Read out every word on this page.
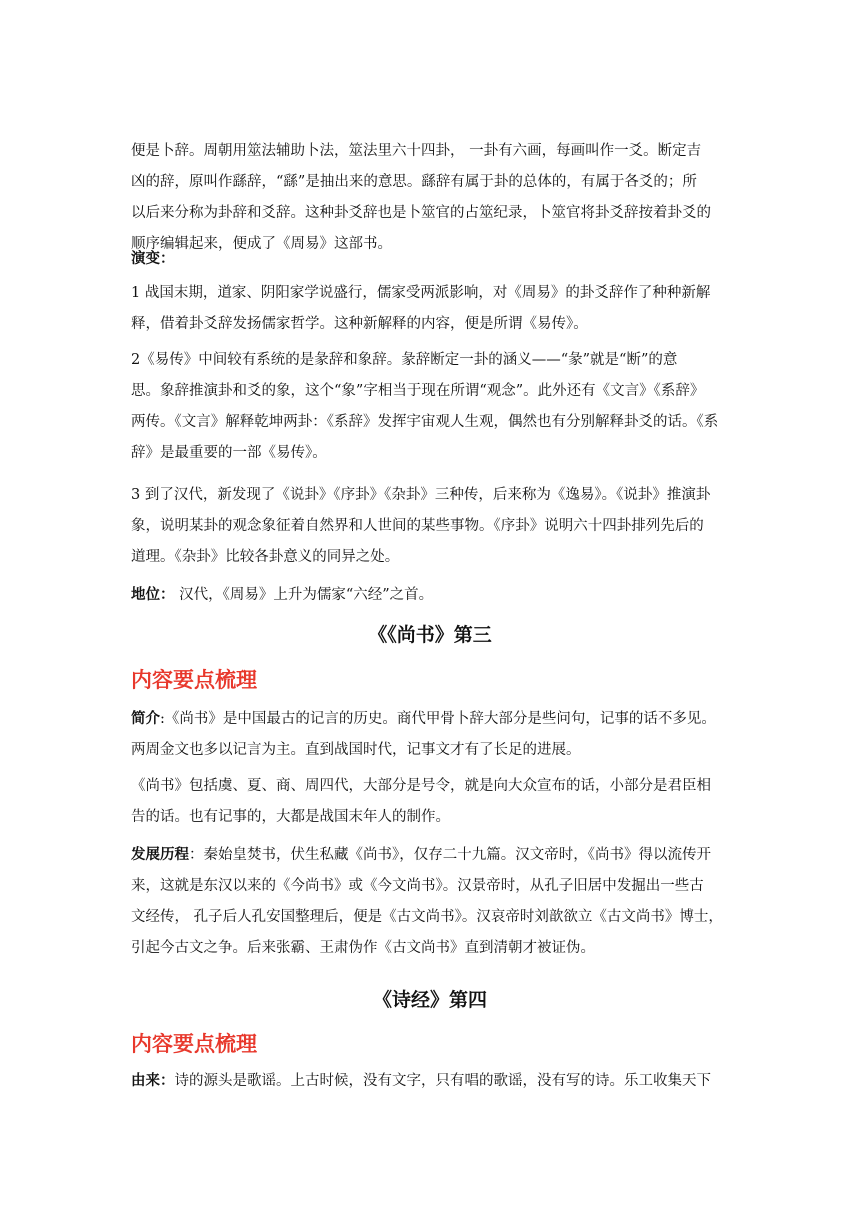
便是卜辞。周朝用筮法辅助卜法，筮法里六十四卦， 一卦有六画，每画叫作一爻。断定吉
凶的辞，原叫作繇辞，“繇”是抽出来的意思。繇辞有属于卦的总体的，有属于各爻的；所
以后来分称为卦辞和爻辞。这种卦爻辞也是卜筮官的占筮纪录，卜筮官将卦爻辞按着卦爻的
顺序编辑起来，便成了《周易》这部书。

演变：

1 战国末期，道家、阴阳家学说盛行，儒家受两派影响，对《周易》的卦爻辞作了种种新解
释，借着卦爻辞发扬儒家哲学。这种新解释的内容，便是所谓《易传》。

2《易传》中间较有系统的是彖辞和象辞。彖辞断定一卦的涵义——“彖”就是“断”的意
思。象辞推演卦和爻的象，这个“象”字相当于现在所谓“观念”。此外还有《文言》《系辞》
两传。《文言》解释乾坤两卦：《系辞》发挥宇宙观人生观，偶然也有分别解释卦爻的话。《系
辞》是最重要的一部《易传》。

3 到了汉代，新发现了《说卦》《序卦》《杂卦》三种传，后来称为《逸易》。《说卦》推演卦
象，说明某卦的观念象征着自然界和人世间的某些事物。《序卦》说明六十四卦排列先后的
道理。《杂卦》比较各卦意义的同异之处。

地位： 汉代，《周易》上升为儒家“六经”之首。

《《尚书》第三

内容要点梳理

简介:《尚书》是中国最古的记言的历史。商代甲骨卜辞大部分是些问句，记事的话不多见。
两周金文也多以记言为主。直到战国时代，记事文才有了长足的进展。

《尚书》包括虞、夏、商、周四代，大部分是号令，就是向大众宣布的话，小部分是君臣相
告的话。也有记事的，大都是战国末年人的制作。

发展历程：秦始皇焚书，伏生私藏《尚书》，仅存二十九篇。汉文帝时，《尚书》得以流传开
来，这就是东汉以来的《今尚书》或《今文尚书》。汉景帝时，从孔子旧居中发掘出一些古
文经传， 孔子后人孔安国整理后，便是《古文尚书》。汉哀帝时刘歆欲立《古文尚书》博士，
引起今古文之争。后来张霸、王肃伪作《古文尚书》直到清朝才被证伪。

《诗经》第四

内容要点梳理

由来：诗的源头是歌谣。上古时候，没有文字，只有唱的歌谣，没有写的诗。乐工收集天下
